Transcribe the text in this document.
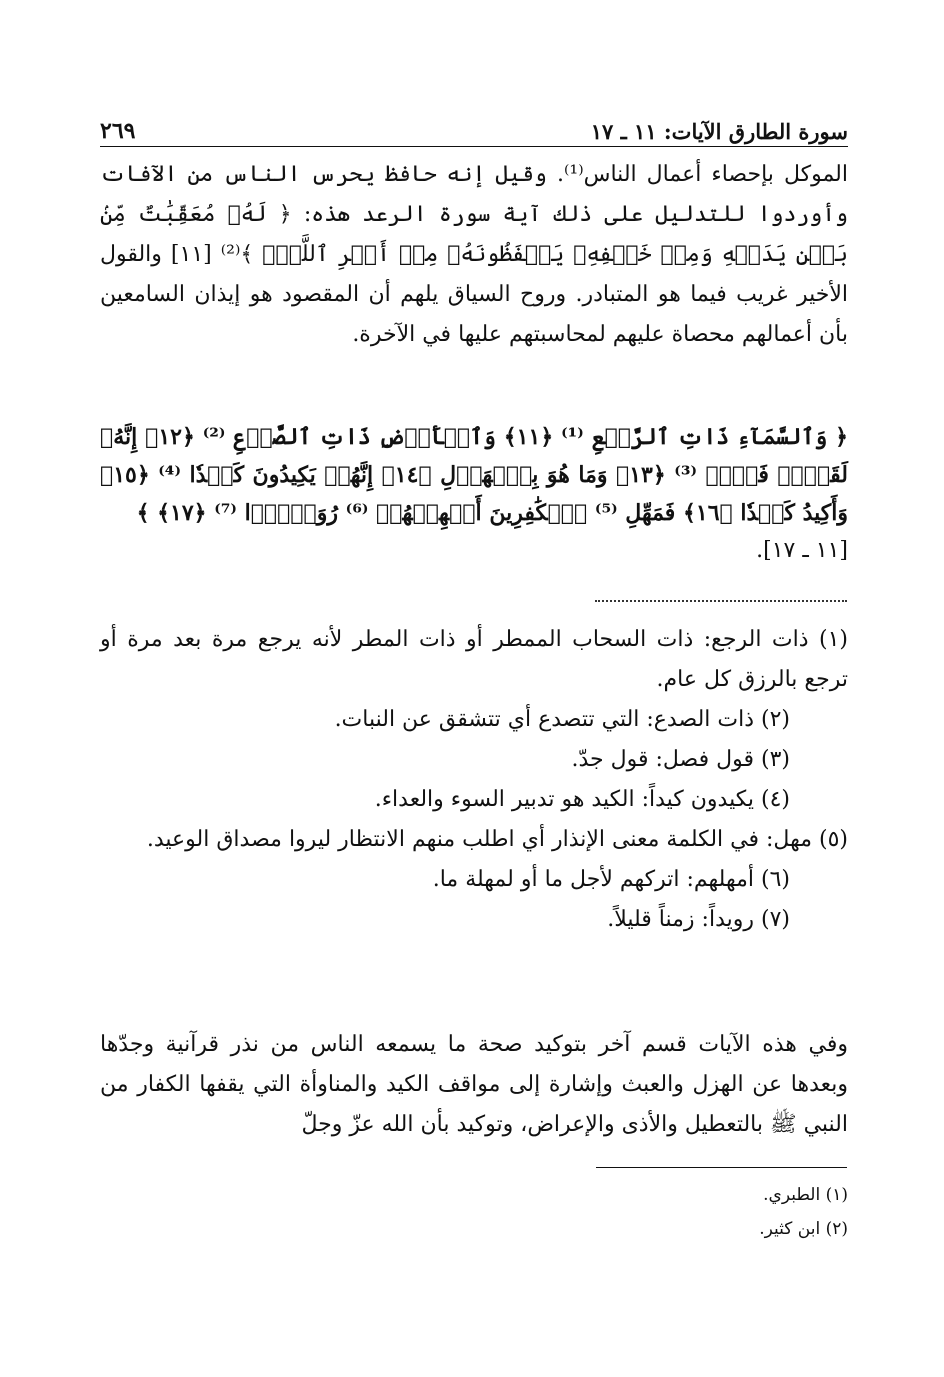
سورة الطارق الآيات: ١١ ـ ١٧
٢٦٩
الموكل بإحصاء أعمال الناس⁽¹⁾. وقيل إنه حافظ يحرس الناس من الآفات وأوردوا للتدليل على ذلك آية سورة الرعد هذه: ﴿ لَهُۥ مُعَقِّبَٰتٌ مِّنۢ بَيۡنِ يَدَيۡهِ وَمِنۡ خَلۡفِهِۦ يَحۡفَظُونَهُۥ مِنۡ أَمۡرِ ٱللَّهِۗ ﴾⁽²⁾ [١١] والقول الأخير غريب فيما هو المتبادر. وروح السياق يلهم أن المقصود هو إيذان السامعين بأن أعمالهم محصاة عليهم لمحاسبتهم عليها في الآخرة.
﴿ وَٱلسَّمَآءِ ذَاتِ ٱلرَّجۡعِ ⁽¹⁾ ﴿١١﴾ وَٱلۡأَرۡضِ ذَاتِ ٱلصَّدۡعِ ⁽²⁾ ﴿١٢﴾ إِنَّهُۥ لَقَوۡلٞ فَصۡلٞ ⁽³⁾ ﴿١٣﴾ وَمَا هُوَ بِٱلۡهَزۡلِ ﴿١٤﴾ إِنَّهُمۡ يَكِيدُونَ كَيۡدٗا ⁽⁴⁾ ﴿١٥﴾ وَأَكِيدُ كَيۡدٗا ﴿١٦﴾ فَمَهِّلِ ⁽⁵⁾ ٱلۡكَٰفِرِينَ أَمۡهِلۡهُمۡ ⁽⁶⁾ رُوَيۡدَۢا ⁽⁷⁾ ﴿١٧﴾ ﴾
[١١ ـ ١٧].

(١) ذات الرجع: ذات السحاب الممطر أو ذات المطر لأنه يرجع مرة بعد مرة أو ترجع بالرزق كل عام.

(٢) ذات الصدع: التي تتصدع أي تتشقق عن النبات.

(٣) قول فصل: قول جدّ.

(٤) يكيدون كيداً: الكيد هو تدبير السوء والعداء.

(٥) مهل: في الكلمة معنى الإنذار أي اطلب منهم الانتظار ليروا مصداق الوعيد.

(٦) أمهلهم: اتركهم لأجل ما أو لمهلة ما.

(٧) رويداً: زمناً قليلاً.

وفي هذه الآيات قسم آخر بتوكيد صحة ما يسمعه الناس من نذر قرآنية وجدّها وبعدها عن الهزل والعبث وإشارة إلى مواقف الكيد والمناوأة التي يقفها الكفار من النبي ﷺ بالتعطيل والأذى والإعراض، وتوكيد بأن الله عزّ وجلّ

(١) الطبري.

(٢) ابن كثير.
